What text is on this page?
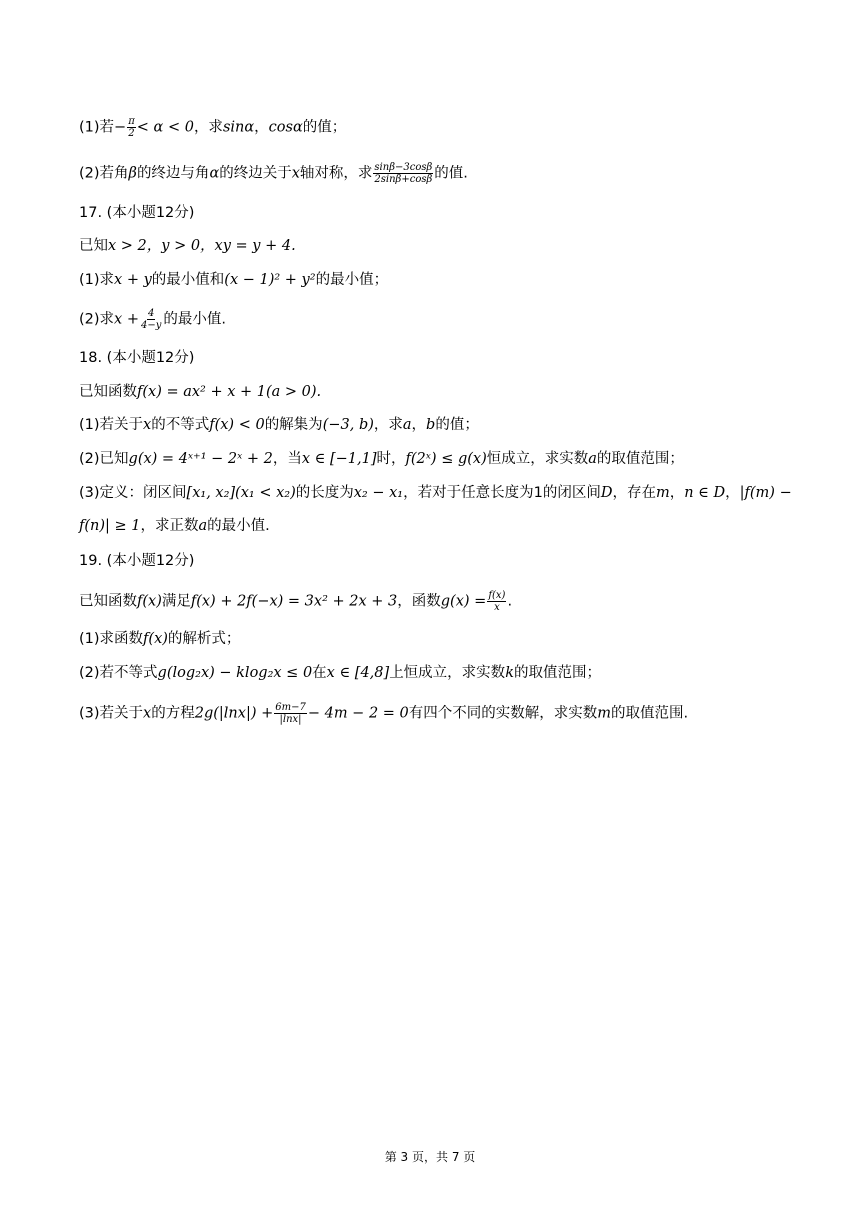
(1)若− $\frac{\pi}{2} < \alpha < 0$，求sinα，cosα的值；
(2)若角β的终边与角α的终边关于x轴对称，求 $\frac{\sin\beta-3\cos\beta}{2\sin\beta+\cos\beta}$ 的值.
17. (本小题12分)
已知x > 2，y > 0，xy = y + 4.
(1)求x + y的最小值和(x − 1)² + y²的最小值；
(2)求$x + \frac{4}{4-y}$ 的最小值.
18. (本小题12分)
已知函数f(x) = ax² + x + 1(a > 0).
(1)若关于x的不等式f(x) < 0的解集为(−3, b)，求a，b的值；
(2)已知g(x) = 4ˣ⁺¹ − 2ˣ + 2，当x ∈ [−1,1]时，f(2ˣ) ≤ g(x)恒成立，求实数a的取值范围；
(3)定义：闭区间[x₁, x₂](x₁ < x₂)的长度为x₂ − x₁，若对于任意长度为1的闭区间D，存在m，n ∈ D，|f(m) −
f(n)| ≥ 1，求正数a的最小值.
19. (本小题12分)
已知函数f(x)满足f(x) + 2f(−x) = 3x² + 2x + 3，函数$g(x) = \frac{f(x)}{x}$ .
(1)求函数f(x)的解析式；
(2)若不等式g(log₂x) − klog₂x ≤ 0在x ∈ [4,8]上恒成立，求实数k的取值范围；
(3)若关于x的方程$2g(|\ln x|) + \frac{6m-7}{|\ln x|} - 4m - 2 = 0$有四个不同的实数解，求实数m的取值范围.
第 3 页，共 7 页
